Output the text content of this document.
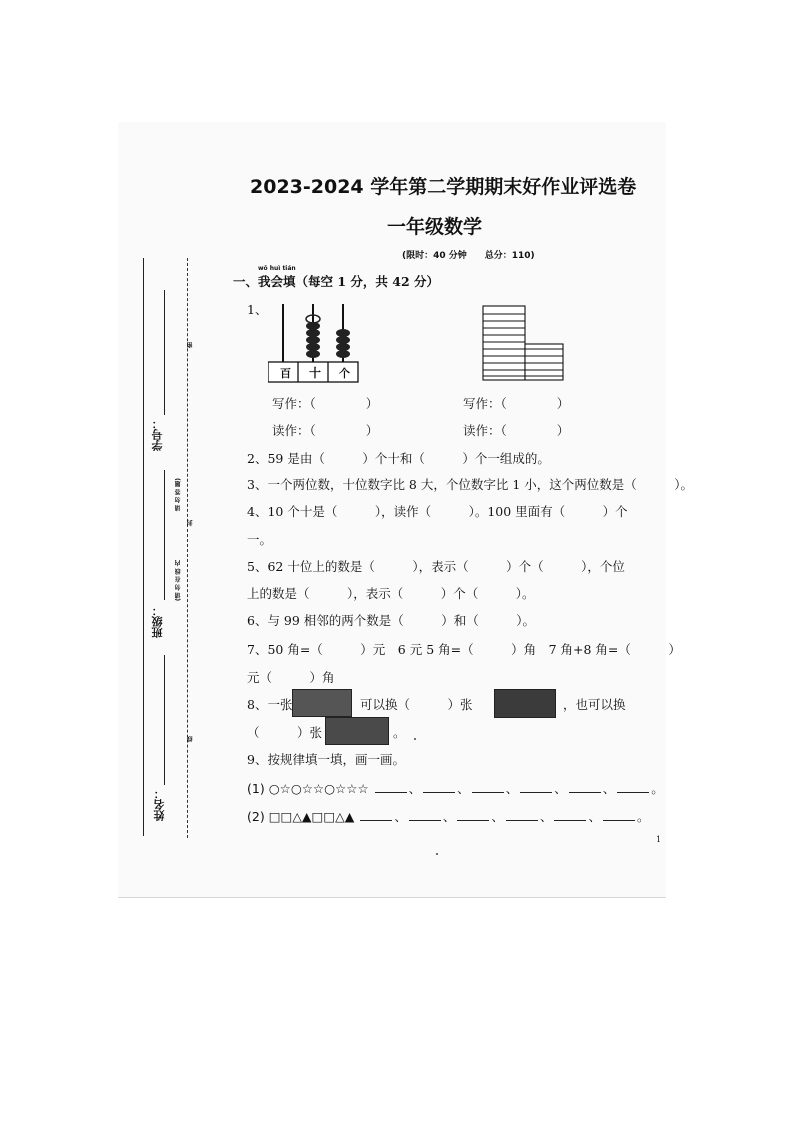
2023-2024 学年第二学期期末好作业评选卷
一年级数学
(限时：40 分钟　　总分：110)
学号：
班级：
姓名：
(请 勿 在 线 内
请 勿 答 题)
密
封
线
wǒ huì tián
一、我会填（每空 1 分，共 42 分）
1、
百 十 个
写作：（　　　　）
读作：（　　　　）
写作：（　　　　）
读作：（　　　　）
2、59 是由（　　　）个十和（　　　）个一组成的。
3、一个两位数，十位数字比 8 大，个位数字比 1 小，这个两位数是（　　　）。
4、10 个十是（　　　），读作（　　　）。100 里面有（　　　）个
一。
5、62 十位上的数是（　　　），表示（　　　）个（　　　），个位
上的数是（　　　），表示（　　　）个（　　　）。
6、与 99 相邻的两个数是（　　　）和（　　　）。
7、50 角=（　　　）元　6 元 5 角=（　　　）角　7 角+8 角=（　　　）
元（　　　）角
8、一张	可以换（　　　）张	，也可以换
（　　　）张	。
9、按规律填一填，画一画。
(1) ○☆○☆☆○☆☆☆	、	、	、	、	、	。
(2) □□△▲□□△▲	、	、	、	、	、	。
1
